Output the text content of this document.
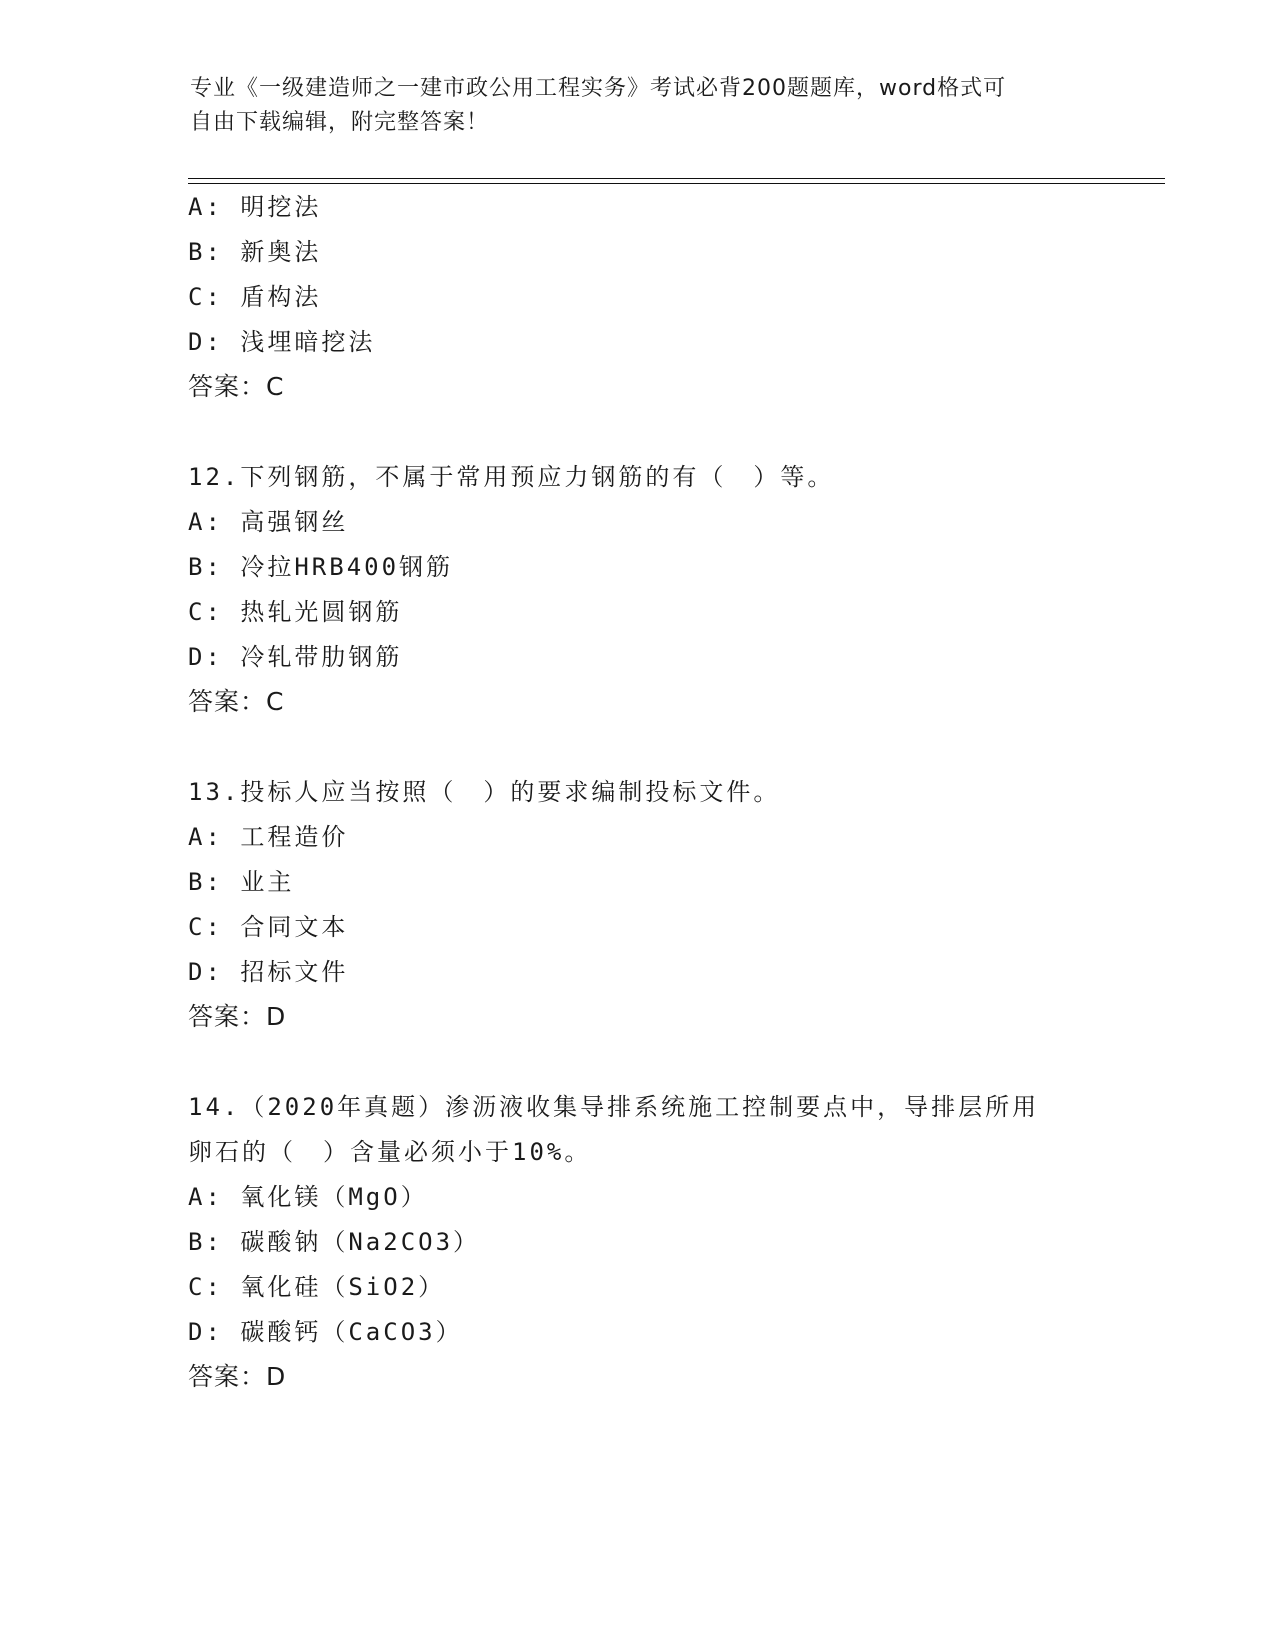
专业《一级建造师之一建市政公用工程实务》考试必背200题题库，word格式可
自由下载编辑，附完整答案！
A: 明挖法
B: 新奥法
C: 盾构法
D: 浅埋暗挖法
答案：C
12.下列钢筋，不属于常用预应力钢筋的有（　）等。
A: 高强钢丝
B: 冷拉HRB400钢筋
C: 热轧光圆钢筋
D: 冷轧带肋钢筋
答案：C
13.投标人应当按照（　）的要求编制投标文件。
A: 工程造价
B: 业主
C: 合同文本
D: 招标文件
答案：D
14.（2020年真题）渗沥液收集导排系统施工控制要点中，导排层所用
卵石的（　）含量必须小于10%。
A: 氧化镁（MgO）
B: 碳酸钠（Na2CO3）
C: 氧化硅（SiO2）
D: 碳酸钙（CaCO3）
答案：D
